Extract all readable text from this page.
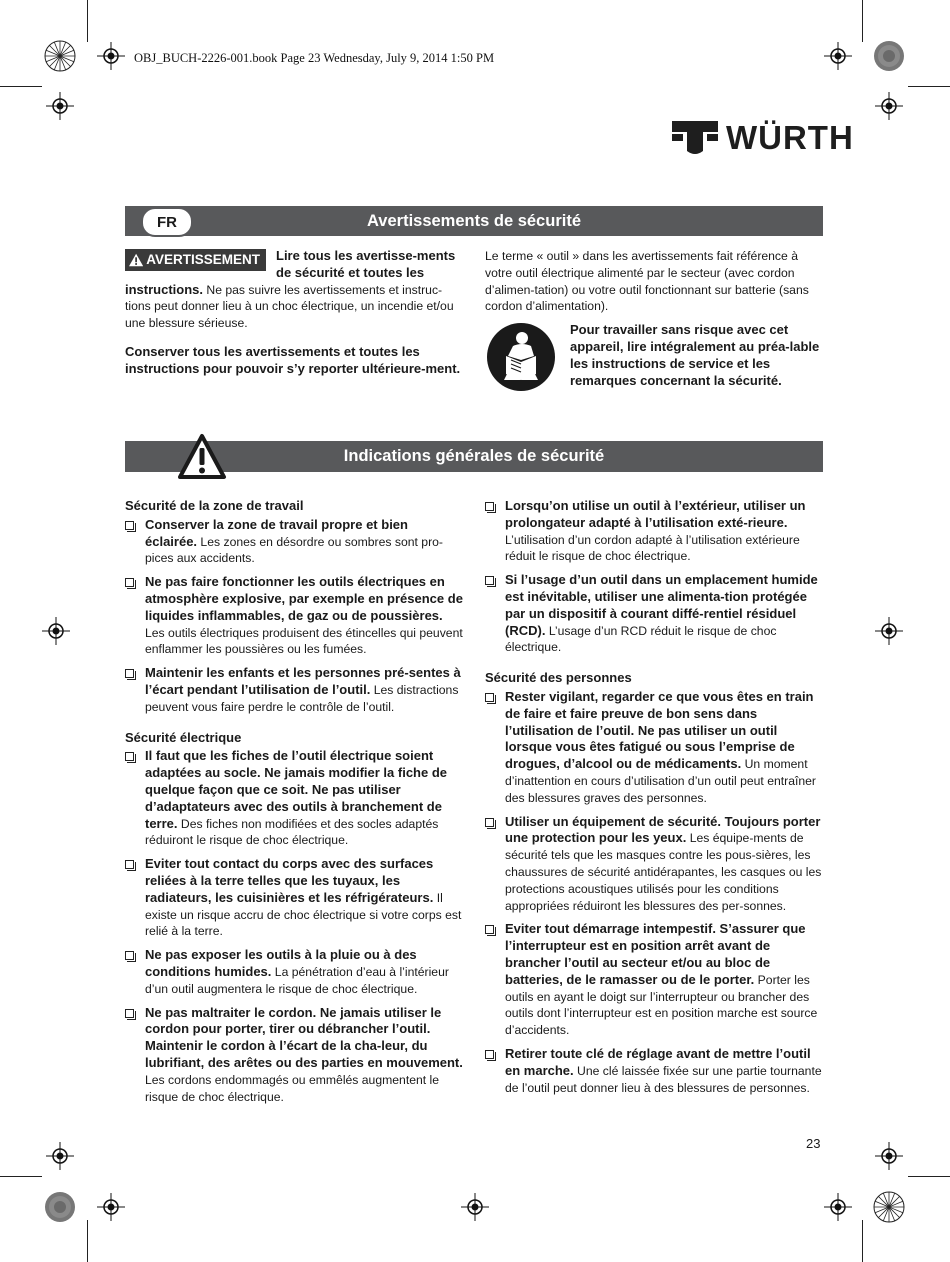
OBJ_BUCH-2226-001.book Page 23 Wednesday, July 9, 2014 1:50 PM
WÜRTH
Avertissements de sécurité
FR

AVERTISSEMENT Lire tous les avertisse-ments de sécurité et toutes les instructions. Ne pas suivre les avertissements et instruc-tions peut donner lieu à un choc électrique, un incendie et/ou une blessure sérieuse.

Conserver tous les avertissements et toutes les instructions pour pouvoir s’y reporter ultérieure-ment.

Le terme « outil » dans les avertissements fait référence à votre outil électrique alimenté par le secteur (avec cordon d’alimen-tation) ou votre outil fonctionnant sur batterie (sans cordon d’alimentation).

Pour travailler sans risque avec cet appareil, lire intégralement au préa-lable les instructions de service et les remarques concernant la sécurité.
Indications générales de sécurité
Sécurité de la zone de travail
Conserver la zone de travail propre et bien éclairée. Les zones en désordre ou sombres sont pro-pices aux accidents.
Ne pas faire fonctionner les outils électriques en atmosphère explosive, par exemple en présence de liquides inflammables, de gaz ou de poussières. Les outils électriques produisent des étincelles qui peuvent enflammer les poussières ou les fumées.
Maintenir les enfants et les personnes pré-sentes à l’écart pendant l’utilisation de l’outil. Les distractions peuvent vous faire perdre le contrôle de l’outil.
Sécurité électrique
Il faut que les fiches de l’outil électrique soient adaptées au socle. Ne jamais modifier la fiche de quelque façon que ce soit. Ne pas utiliser d’adaptateurs avec des outils à branchement de terre. Des fiches non modifiées et des socles adaptés réduiront le risque de choc électrique.
Eviter tout contact du corps avec des surfaces reliées à la terre telles que les tuyaux, les radiateurs, les cuisinières et les réfrigérateurs. Il existe un risque accru de choc électrique si votre corps est relié à la terre.
Ne pas exposer les outils à la pluie ou à des conditions humides. La pénétration d’eau à l’intérieur d’un outil augmentera le risque de choc électrique.
Ne pas maltraiter le cordon. Ne jamais utiliser le cordon pour porter, tirer ou débrancher l’outil. Maintenir le cordon à l’écart de la cha-leur, du lubrifiant, des arêtes ou des parties en mouvement. Les cordons endommagés ou emmêlés augmentent le risque de choc électrique.
Lorsqu’on utilise un outil à l’extérieur, utiliser un prolongateur adapté à l’utilisation exté-rieure. L’utilisation d’un cordon adapté à l’utilisation extérieure réduit le risque de choc électrique.
Si l’usage d’un outil dans un emplacement humide est inévitable, utiliser une alimenta-tion protégée par un dispositif à courant diffé-rentiel résiduel (RCD). L’usage d’un RCD réduit le risque de choc électrique.
Sécurité des personnes
Rester vigilant, regarder ce que vous êtes en train de faire et faire preuve de bon sens dans l’utilisation de l’outil. Ne pas utiliser un outil lorsque vous êtes fatigué ou sous l’emprise de drogues, d’alcool ou de médicaments. Un moment d’inattention en cours d’utilisation d’un outil peut entraîner des blessures graves des personnes.
Utiliser un équipement de sécurité. Toujours porter une protection pour les yeux. Les équipe-ments de sécurité tels que les masques contre les pous-sières, les chaussures de sécurité antidérapantes, les casques ou les protections acoustiques utilisés pour les conditions appropriées réduiront les blessures des per-sonnes.
Eviter tout démarrage intempestif. S’assurer que l’interrupteur est en position arrêt avant de brancher l’outil au secteur et/ou au bloc de batteries, de le ramasser ou de le porter. Porter les outils en ayant le doigt sur l’interrupteur ou brancher des outils dont l’interrupteur est en position marche est source d’accidents.
Retirer toute clé de réglage avant de mettre l’outil en marche. Une clé laissée fixée sur une partie tournante de l’outil peut donner lieu à des blessures de personnes.
23
